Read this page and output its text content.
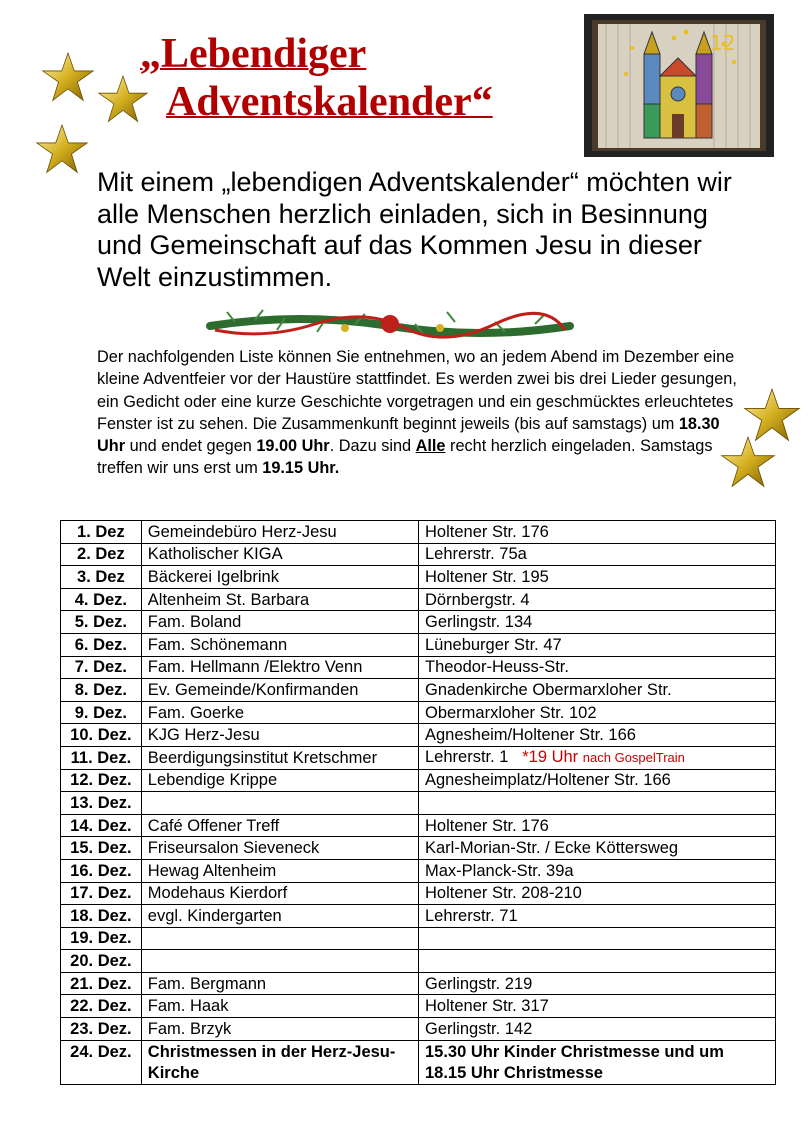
„Lebendiger
Adventskalender“
12
Mit einem „lebendigen Adventskalender“ möchten wir alle Menschen herzlich einladen, sich in Besinnung und Gemeinschaft auf das Kommen Jesu in dieser Welt einzustimmen.
Der nachfolgenden Liste können Sie entnehmen, wo an jedem Abend im Dezember eine kleine Adventfeier vor der Haustüre stattfindet. Es werden zwei bis drei Lieder gesungen, ein Gedicht oder eine kurze Geschichte vorgetragen und ein geschmücktes erleuchtetes Fenster ist zu sehen. Die Zusammenkunft beginnt jeweils (bis auf samstags) um 18.30 Uhr und endet gegen 19.00 Uhr. Dazu sind Alle recht herzlich eingeladen. Samstags treffen wir uns erst um 19.15 Uhr.
1. Dez	Gemeindebüro Herz-Jesu	Holtener Str. 176
2. Dez	Katholischer KIGA	Lehrerstr. 75a
3. Dez	Bäckerei Igelbrink	Holtener Str. 195
4. Dez.	Altenheim St. Barbara	Dörnbergstr. 4
5. Dez.	Fam. Boland	Gerlingstr. 134
6. Dez.	Fam. Schönemann	Lüneburger Str. 47
7. Dez.	Fam. Hellmann /Elektro Venn	Theodor-Heuss-Str.
8. Dez.	Ev. Gemeinde/Konfirmanden	Gnadenkirche Obermarxloher Str.
9. Dez.	Fam. Goerke	Obermarxloher Str. 102
10. Dez.	KJG Herz-Jesu	Agnesheim/Holtener Str. 166
11. Dez.	Beerdigungsinstitut Kretschmer	Lehrerstr. 1 *19 Uhr nach GospelTrain
12. Dez.	Lebendige Krippe	Agnesheimplatz/Holtener Str. 166
13. Dez.		
14. Dez.	Café Offener Treff	Holtener Str. 176
15. Dez.	Friseursalon Sieveneck	Karl-Morian-Str. / Ecke Köttersweg
16. Dez.	Hewag Altenheim	Max-Planck-Str. 39a
17. Dez.	Modehaus Kierdorf	Holtener Str. 208-210
18. Dez.	evgl. Kindergarten	Lehrerstr. 71
19. Dez.		
20. Dez.		
21. Dez.	Fam. Bergmann	Gerlingstr. 219
22. Dez.	Fam. Haak	Holtener Str. 317
23. Dez.	Fam. Brzyk	Gerlingstr. 142
24. Dez.	Christmessen in der Herz-Jesu-Kirche	15.30 Uhr Kinder Christmesse und um 18.15 Uhr Christmesse
